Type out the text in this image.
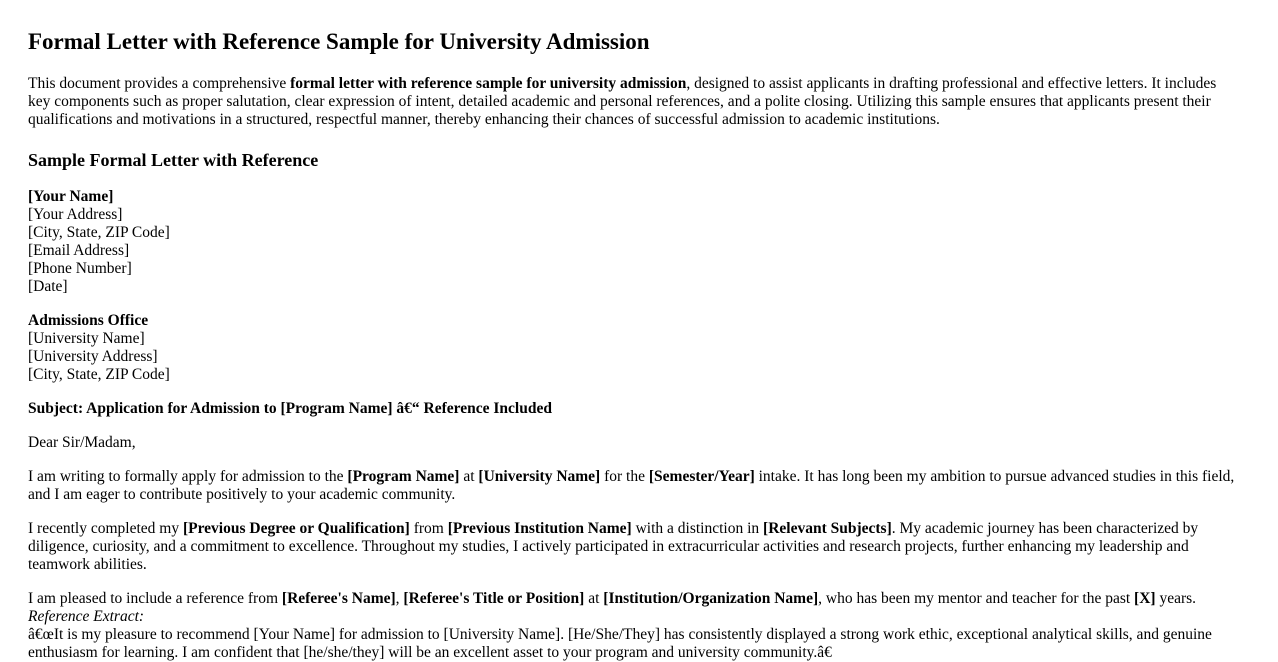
Formal Letter with Reference Sample for University Admission

This document provides a comprehensive formal letter with reference sample for university admission, designed to assist applicants in drafting professional and effective letters. It includes key components such as proper salutation, clear expression of intent, detailed academic and personal references, and a polite closing. Utilizing this sample ensures that applicants present their qualifications and motivations in a structured, respectful manner, thereby enhancing their chances of successful admission to academic institutions.

Sample Formal Letter with Reference
[Your Name]
[Your Address]
[City, State, ZIP Code]
[Email Address]
[Phone Number]
[Date]
Admissions Office
[University Name]
[University Address]
[City, State, ZIP Code]
Subject: Application for Admission to [Program Name] â€“ Reference Included
Dear Sir/Madam,

I am writing to formally apply for admission to the [Program Name] at [University Name] for the [Semester/Year] intake. It has long been my ambition to pursue advanced studies in this field, and I am eager to contribute positively to your academic community.

I recently completed my [Previous Degree or Qualification] from [Previous Institution Name] with a distinction in [Relevant Subjects]. My academic journey has been characterized by diligence, curiosity, and a commitment to excellence. Throughout my studies, I actively participated in extracurricular activities and research projects, further enhancing my leadership and teamwork abilities.

I am pleased to include a reference from [Referee's Name], [Referee's Title or Position] at [Institution/Organization Name], who has been my mentor and teacher for the past [X] years.
Reference Extract:
â€œIt is my pleasure to recommend [Your Name] for admission to [University Name]. [He/She/They] has consistently displayed a strong work ethic, exceptional analytical skills, and genuine enthusiasm for learning. I am confident that [he/she/they] will be an excellent asset to your program and university community.â€
